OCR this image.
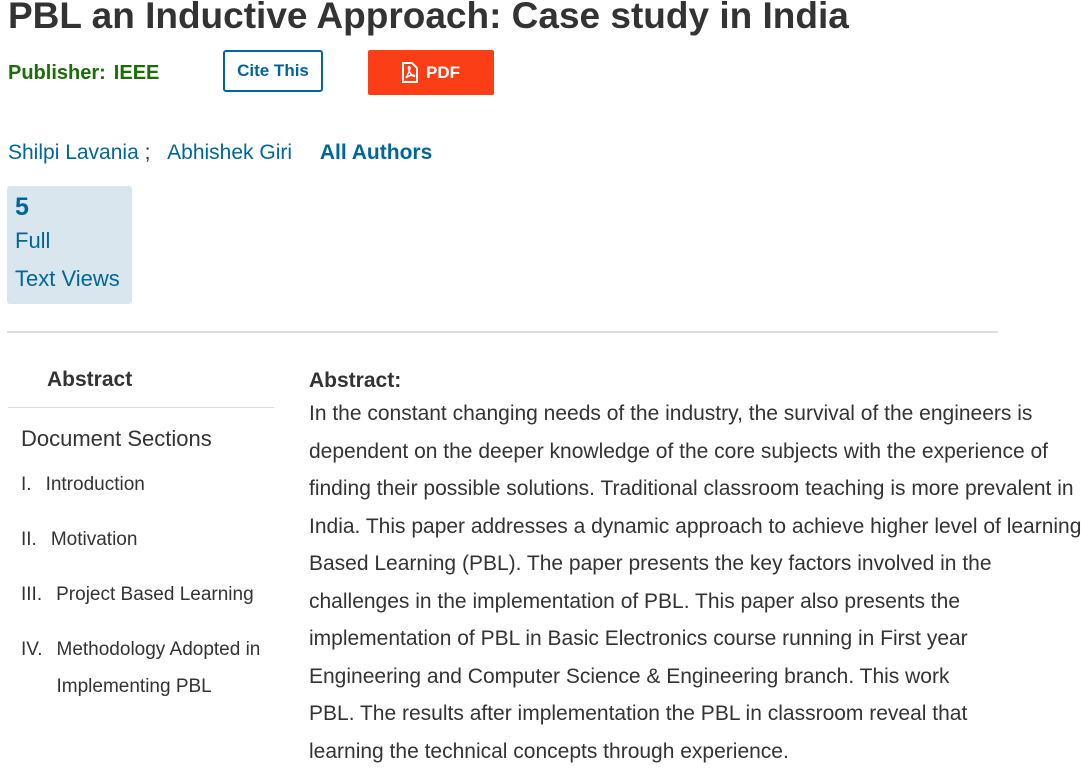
PBL an Inductive Approach: Case study in India
Publisher: IEEE	Cite This	PDF
Shilpi Lavania ; Abhishek Giri All Authors
5
Full
Text Views
Abstract
Document Sections
I. Introduction
II. Motivation
III. Project Based Learning
IV. Methodology Adopted in Implementing PBL
Abstract:
In the constant changing needs of the industry, the survival of the engineers is
dependent on the deeper knowledge of the core subjects with the experience of
finding their possible solutions. Traditional classroom teaching is more prevalent in
India. This paper addresses a dynamic approach to achieve higher level of learning
Based Learning (PBL). The paper presents the key factors involved in the
challenges in the implementation of PBL. This paper also presents the
implementation of PBL in Basic Electronics course running in First year
Engineering and Computer Science & Engineering branch. This work
PBL. The results after implementation the PBL in classroom reveal that
learning the technical concepts through experience.
